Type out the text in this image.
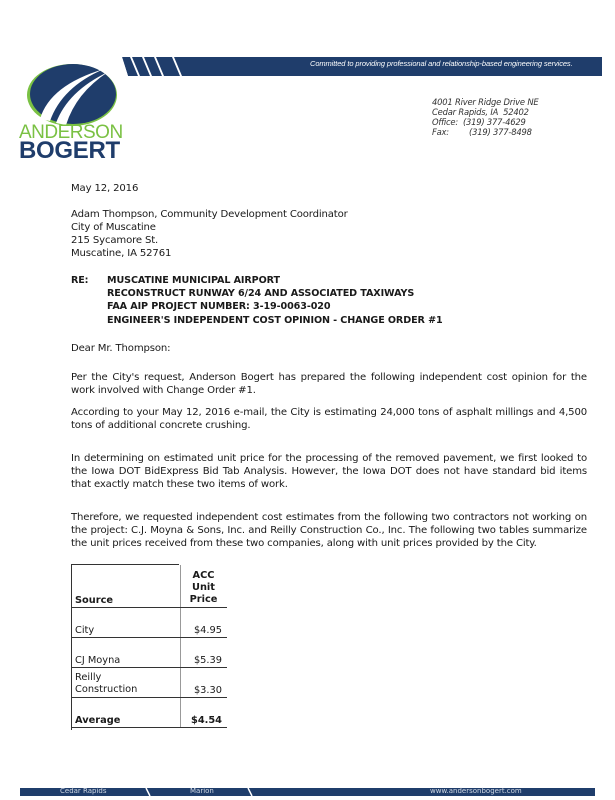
ANDERSON
BOGERT
Committed to providing professional and relationship-based engineering services.
4001 River Ridge Drive NE
Cedar Rapids, IA  52402
Office: (319) 377-4629
Fax: (319) 377-8498
May 12, 2016
Adam Thompson, Community Development Coordinator
City of Muscatine
215 Sycamore St.
Muscatine, IA 52761
RE: MUSCATINE MUNICIPAL AIRPORT
RECONSTRUCT RUNWAY 6/24 AND ASSOCIATED TAXIWAYS
FAA AIP PROJECT NUMBER: 3-19-0063-020
ENGINEER'S INDEPENDENT COST OPINION - CHANGE ORDER #1
Dear Mr. Thompson:
Per the City's request, Anderson Bogert has prepared the following independent cost opinion for the work involved with Change Order #1.
According to your May 12, 2016 e-mail, the City is estimating 24,000 tons of asphalt millings and 4,500 tons of additional concrete crushing.
In determining on estimated unit price for the processing of the removed pavement, we first looked to the Iowa DOT BidExpress Bid Tab Analysis. However, the Iowa DOT does not have standard bid items that exactly match these two items of work.
Therefore, we requested independent cost estimates from the following two contractors not working on the project: C.J. Moyna & Sons, Inc. and Reilly Construction Co., Inc. The following two tables summarize the unit prices received from these two companies, along with unit prices provided by the City.
Source	ACC
Unit
Price

City	$4.95
CJ Moyna	$5.39

Reilly
Construction	$3.30
Average	$4.54
Cedar Rapids	Marion	www.andersonbogert.com
